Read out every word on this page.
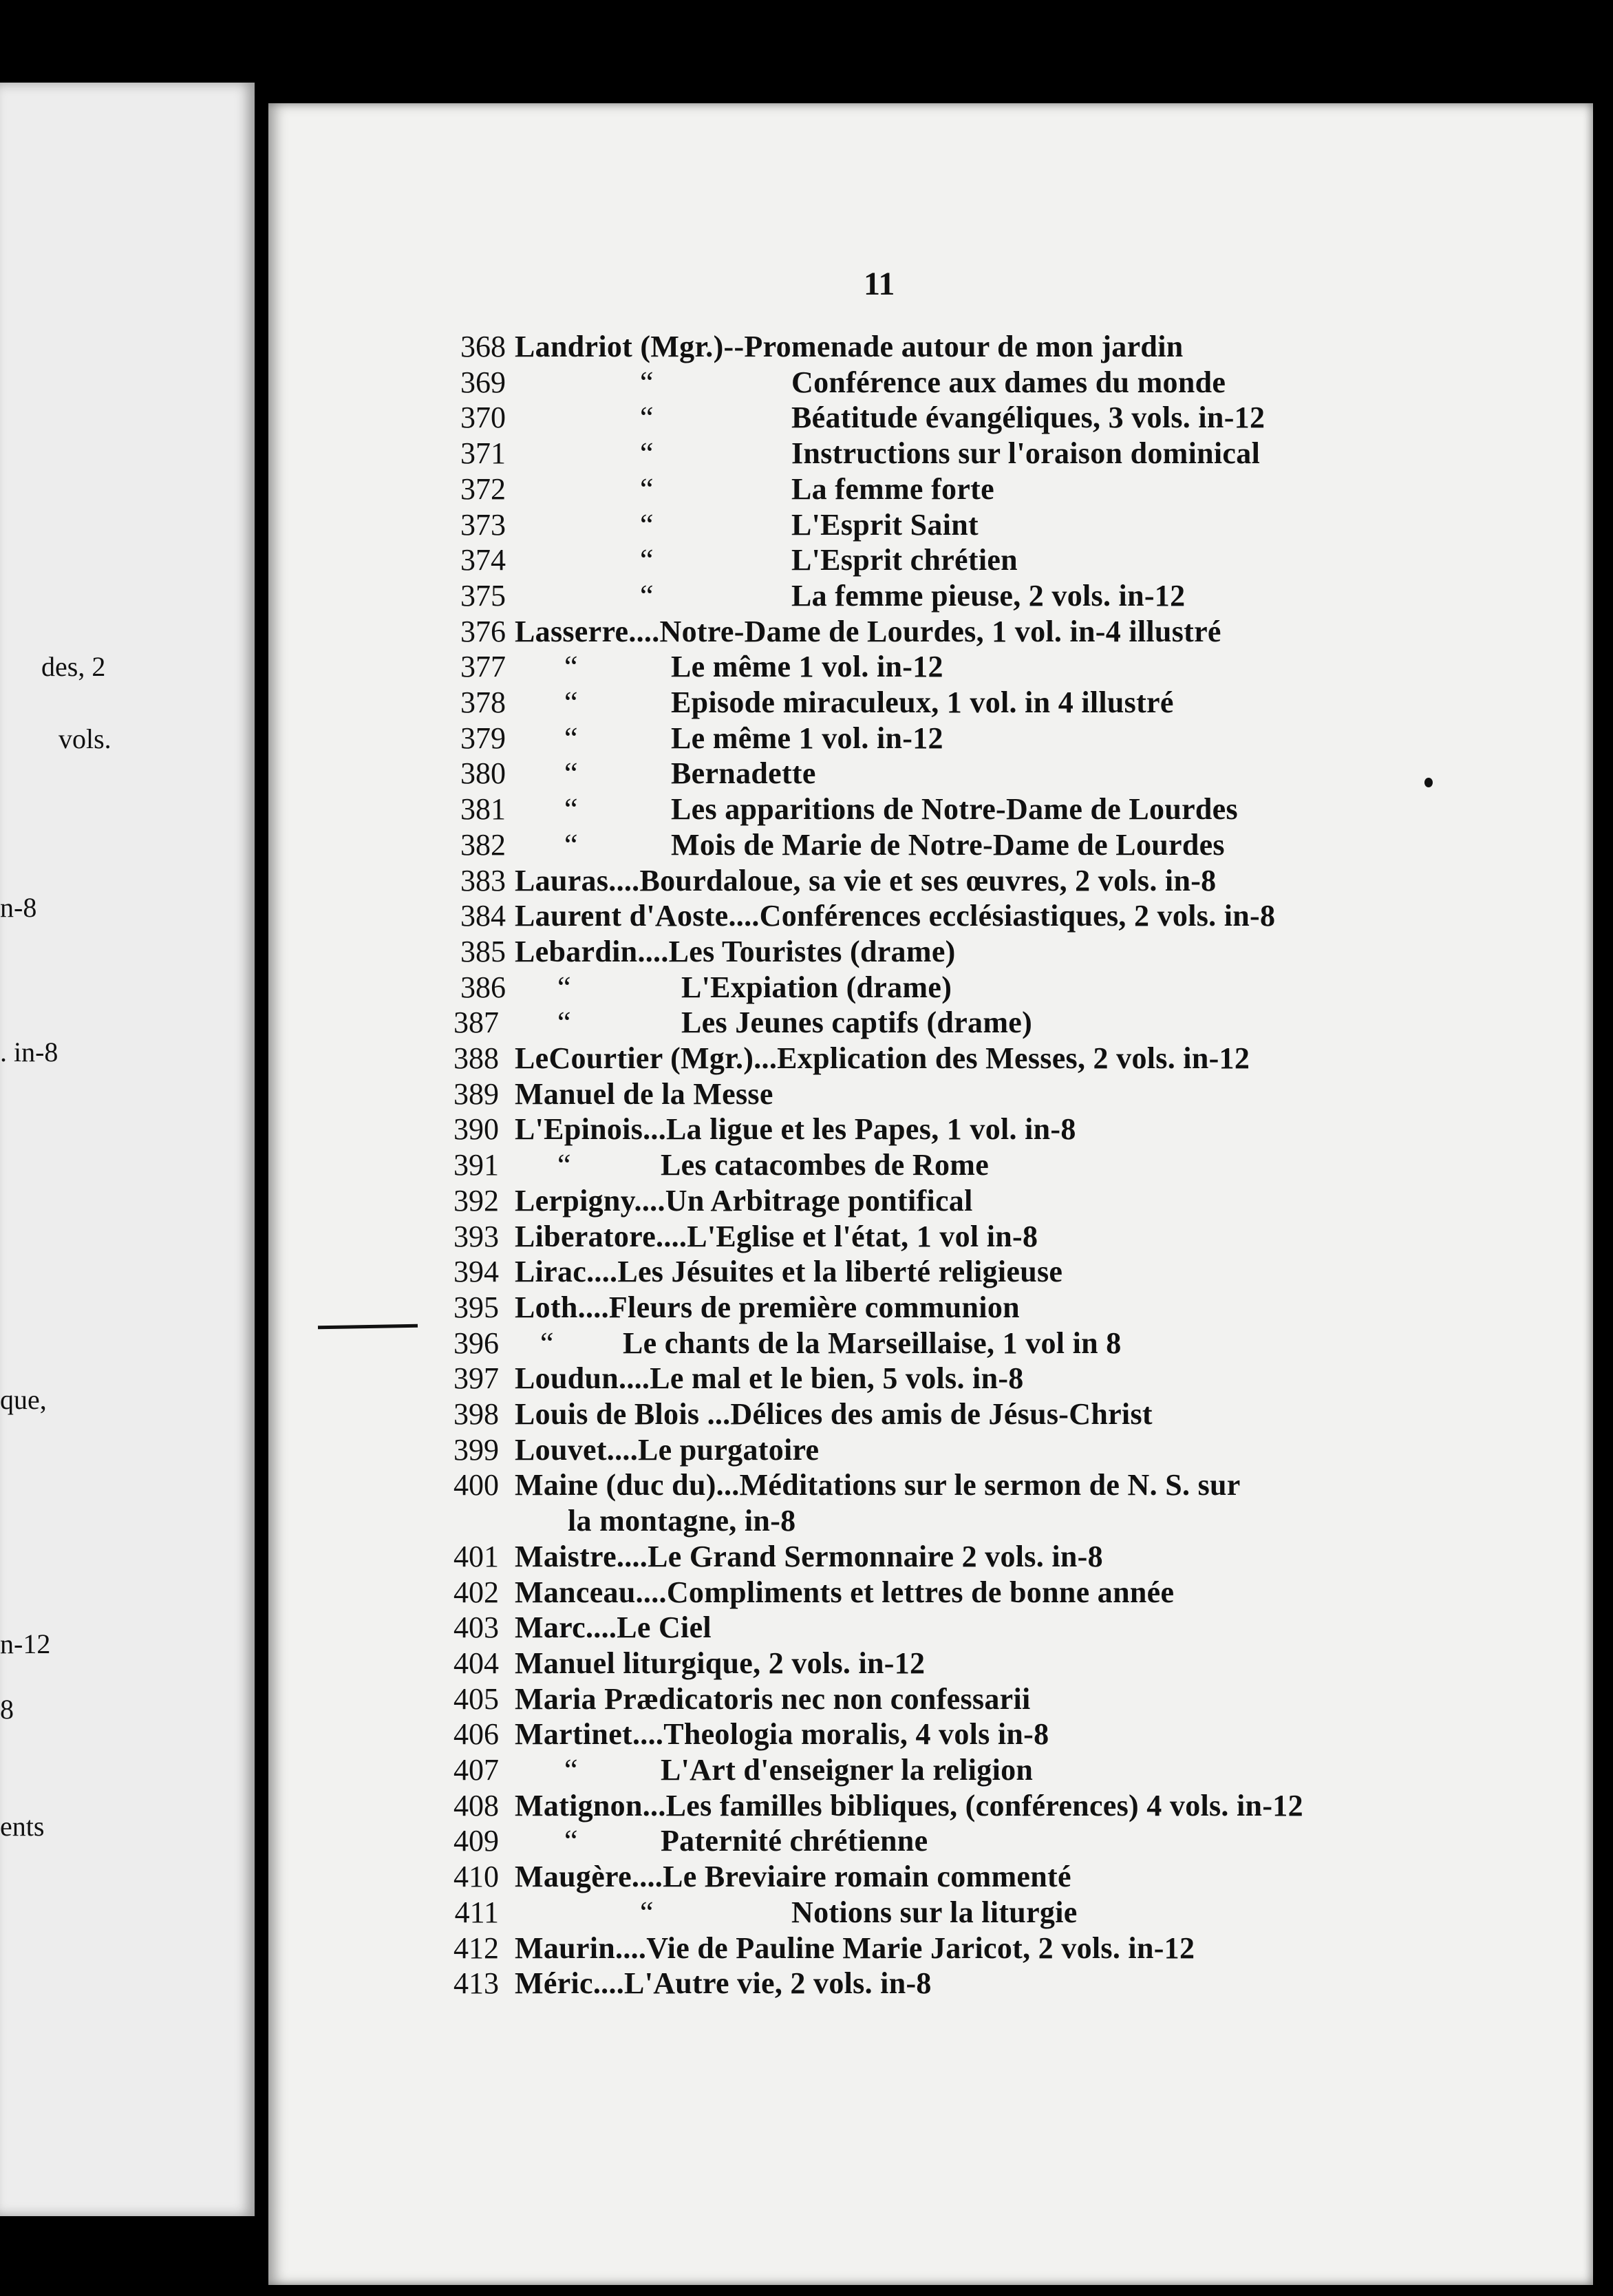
des, 2
vols.
n-8
. in-8
que,
n-12
8
ents
11
368 Landriot (Mgr.)--Promenade autour de mon jardin
369	“	Conférence aux dames du monde
370	“	Béatitude évangéliques, 3 vols. in-12
371	“	Instructions sur l'oraison dominical
372	“	La femme forte
373	“	L'Esprit Saint
374	“	L'Esprit chrétien
375	“	La femme pieuse, 2 vols. in-12
376 Lasserre....Notre-Dame de Lourdes, 1 vol. in-4 illustré
377 “	Le même 1 vol. in-12
378 “	Episode miraculeux, 1 vol. in 4 illustré
379 “	Le même 1 vol. in-12
380 “	Bernadette
381 “	Les apparitions de Notre-Dame de Lourdes
382 “	Mois de Marie de Notre-Dame de Lourdes
383 Lauras....Bourdaloue, sa vie et ses œuvres, 2 vols. in-8
384 Laurent d'Aoste....Conférences ecclésiastiques, 2 vols. in-8
385 Lebardin....Les Touristes (drame)
386 “	L'Expiation (drame)
387 “	Les Jeunes captifs (drame)
388 LeCourtier (Mgr.)...Explication des Messes, 2 vols. in-12
389 Manuel de la Messe
390 L'Epinois...La ligue et les Papes, 1 vol. in-8
391 “	Les catacombes de Rome
392 Lerpigny....Un Arbitrage pontifical
393 Liberatore....L'Eglise et l'état, 1 vol in-8
394 Lirac....Les Jésuites et la liberté religieuse
395 Loth....Fleurs de première communion
396 “ Le chants de la Marseillaise, 1 vol in 8
397 Loudun....Le mal et le bien, 5 vols. in-8
398 Louis de Blois ...Délices des amis de Jésus-Christ
399 Louvet....Le purgatoire
400 Maine (duc du)...Méditations sur le sermon de N. S. sur
la montagne, in-8
401 Maistre....Le Grand Sermonnaire 2 vols. in-8
402 Manceau....Compliments et lettres de bonne année
403 Marc....Le Ciel
404 Manuel liturgique, 2 vols. in-12
405 Maria Prædicatoris nec non confessarii
406 Martinet....Theologia moralis, 4 vols in-8
407 “	L'Art d'enseigner la religion
408 Matignon...Les familles bibliques, (conférences) 4 vols. in-12
409 “	Paternité chrétienne
410 Maugère....Le Breviaire romain commenté
411	“	Notions sur la liturgie
412 Maurin....Vie de Pauline Marie Jaricot, 2 vols. in-12
413 Méric....L'Autre vie, 2 vols. in-8
